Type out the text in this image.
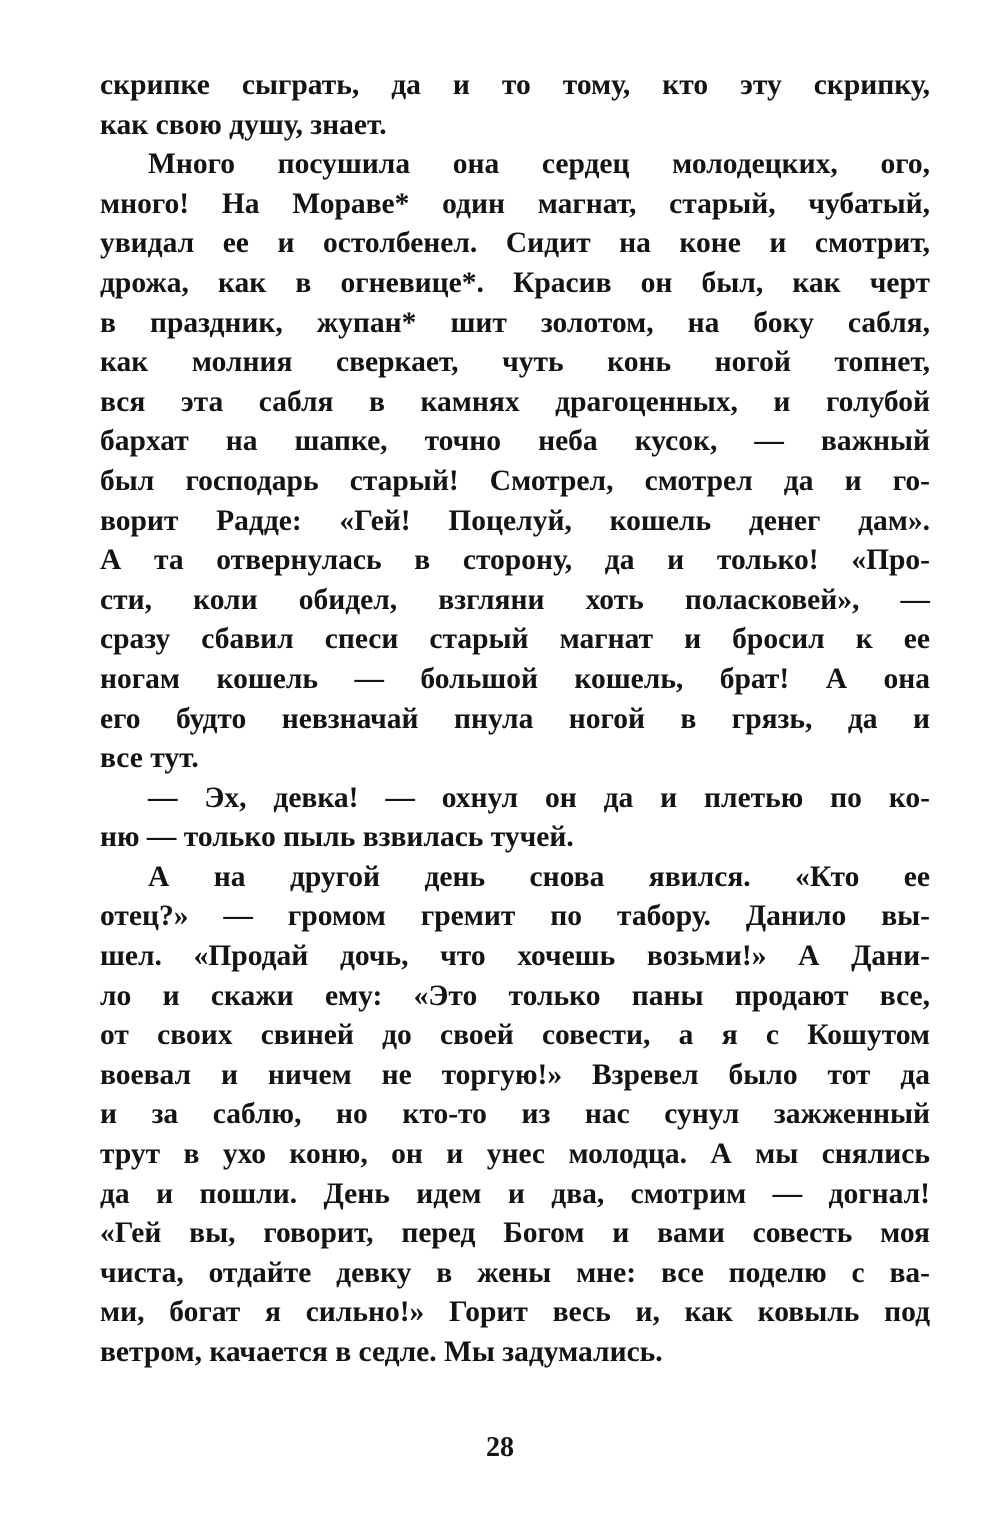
скрипке сыграть, да и то тому, кто эту скрипку,
как свою душу, знает.
Много посушила она сердец молодецких, ого,
много! На Мораве* один магнат, старый, чубатый,
увидал ее и остолбенел. Сидит на коне и смотрит,
дрожа, как в огневице*. Красив он был, как черт
в праздник, жупан* шит золотом, на боку сабля,
как молния сверкает, чуть конь ногой топнет,
вся эта сабля в камнях драгоценных, и голубой
бархат на шапке, точно неба кусок, — важный
был господарь старый! Смотрел, смотрел да и го-
ворит Радде: «Гей! Поцелуй, кошель денег дам».
А та отвернулась в сторону, да и только! «Про-
сти, коли обидел, взгляни хоть поласковей», —
сразу сбавил спеси старый магнат и бросил к ее
ногам кошель — большой кошель, брат! А она
его будто невзначай пнула ногой в грязь, да и
все тут.
— Эх, девка! — охнул он да и плетью по ко-
ню — только пыль взвилась тучей.
А на другой день снова явился. «Кто ее
отец?» — громом гремит по табору. Данило вы-
шел. «Продай дочь, что хочешь возьми!» А Дани-
ло и скажи ему: «Это только паны продают все,
от своих свиней до своей совести, а я с Кошутом
воевал и ничем не торгую!» Взревел было тот да
и за саблю, но кто-то из нас сунул зажженный
трут в ухо коню, он и унес молодца. А мы снялись
да и пошли. День идем и два, смотрим — догнал!
«Гей вы, говорит, перед Богом и вами совесть моя
чиста, отдайте девку в жены мне: все поделю с ва-
ми, богат я сильно!» Горит весь и, как ковыль под
ветром, качается в седле. Мы задумались.
28
